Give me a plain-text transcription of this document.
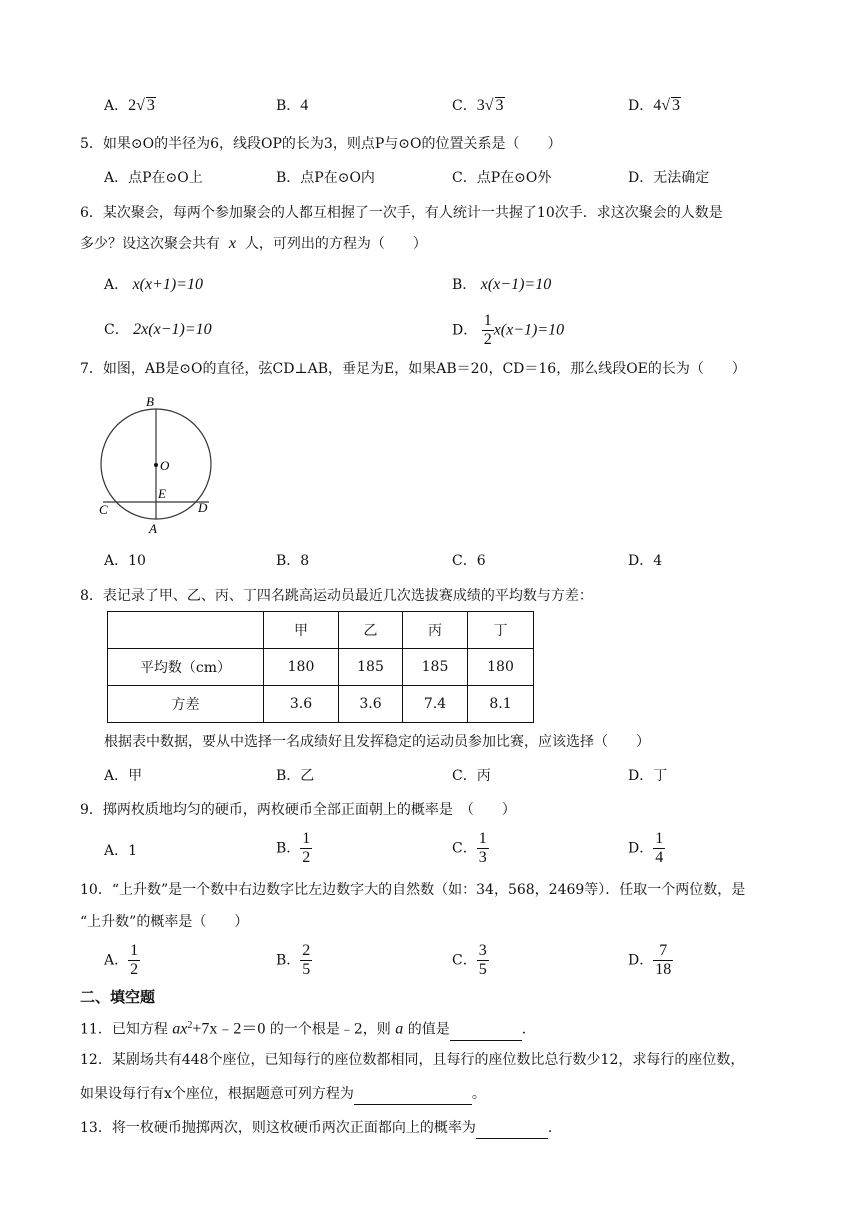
A．2√ 3	B．4	C．3√ 3	D．4√ 3
5．如果⊙O的半径为6，线段OP的长为3，则点P与⊙O的位置关系是（　　）
A．点P在⊙O上	B．点P在⊙O内	C．点P在⊙O外	D．无法确定
6．某次聚会，每两个参加聚会的人都互相握了一次手，有人统计一共握了10次手．求这次聚会的人数是
多少？设这次聚会共有 x 人，可列出的方程为（　　）
A． x(x+1)=10	B． x(x−1)=10
C． 2x(x−1)=10	D． $\frac{1}{2} x(x-1)=10$
7．如图，AB是⊙O的直径，弦CD⊥AB，垂足为E，如果AB＝20，CD＝16，那么线段OE的长为（　　）
B
O
E
C	D
A
A．10	B．8	C．6	D．4
8．表记录了甲、乙、丙、丁四名跳高运动员最近几次选拔赛成绩的平均数与方差：
	甲	乙	丙	丁
平均数（cm）	180	185	185	180
方差	3.6	3.6	7.4	8.1
根据表中数据，要从中选择一名成绩好且发挥稳定的运动员参加比赛，应该选择（　　）
A．甲	B．乙	C．丙	D．丁
9．掷两枚质地均匀的硬币，两枚硬币全部正面朝上的概率是　（　　）
A．1	B． $\frac{1}{2}$	C． $\frac{1}{3}$	D． $\frac{1}{4}$
10．“上升数”是一个数中右边数字比左边数字大的自然数（如：34，568，2469等）．任取一个两位数，是
“上升数”的概率是（　　）
A． $\frac{1}{2}$	B． $\frac{2}{5}$	C． $\frac{3}{5}$	D． $\frac{7}{18}$
二、填空题
11．已知方程 $ax^2+7x﹣2=0$ 的一个根是﹣2，则 a 的值是	．
12．某剧场共有448个座位，已知每行的座位数都相同，且每行的座位数比总行数少12，求每行的座位数，
如果设每行有x个座位，根据题意可列方程为	。
13．将一枚硬币抛掷两次，则这枚硬币两次正面都向上的概率为	．
